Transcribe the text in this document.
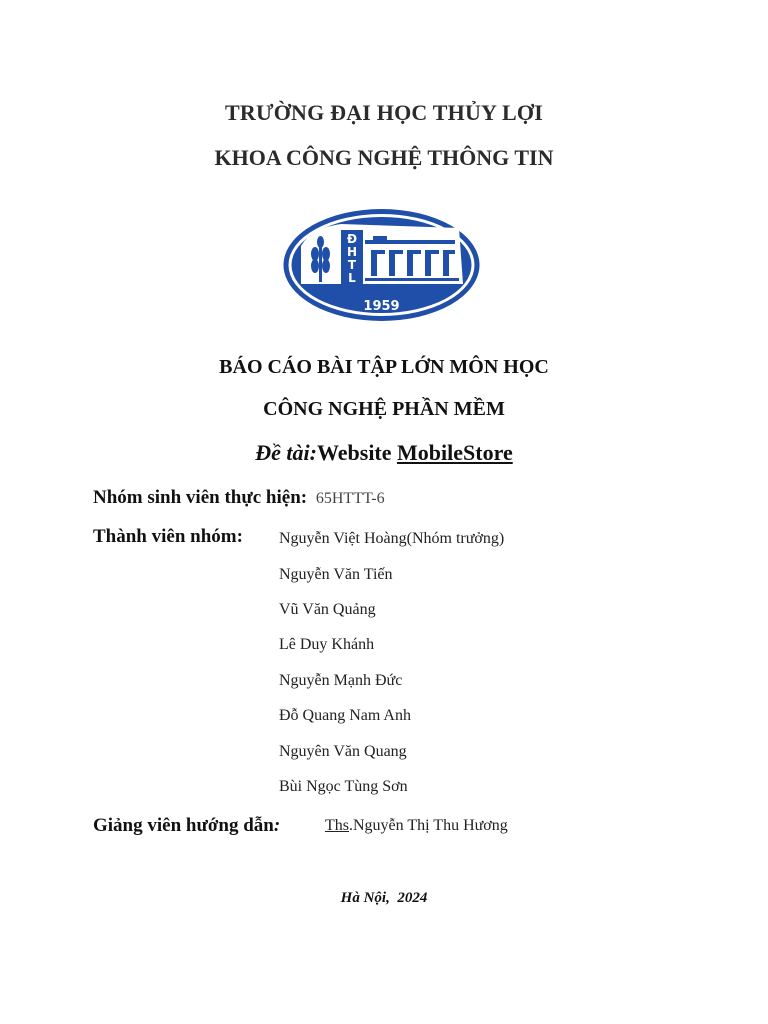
TRƯỜNG ĐẠI HỌC THỦY LỢI
KHOA CÔNG NGHỆ THÔNG TIN
Đ
H
T
L
1959
BÁO CÁO BÀI TẬP LỚN MÔN HỌC
CÔNG NGHỆ PHẦN MỀM
Đề tài:Website MobileStore
Nhóm sinh viên thực hiện: 65HTTT-6
Thành viên nhóm: Nguyễn Việt Hoàng(Nhóm trưởng)
Nguyễn Văn Tiến
Vũ Văn Quảng
Lê Duy Khánh
Nguyễn Mạnh Đức
Đỗ Quang Nam Anh
Nguyên Văn Quang
Bùi Ngọc Tùng Sơn
Giảng viên hướng dẫn:	Ths.Nguyễn Thị Thu Hương
Hà Nội,  2024
